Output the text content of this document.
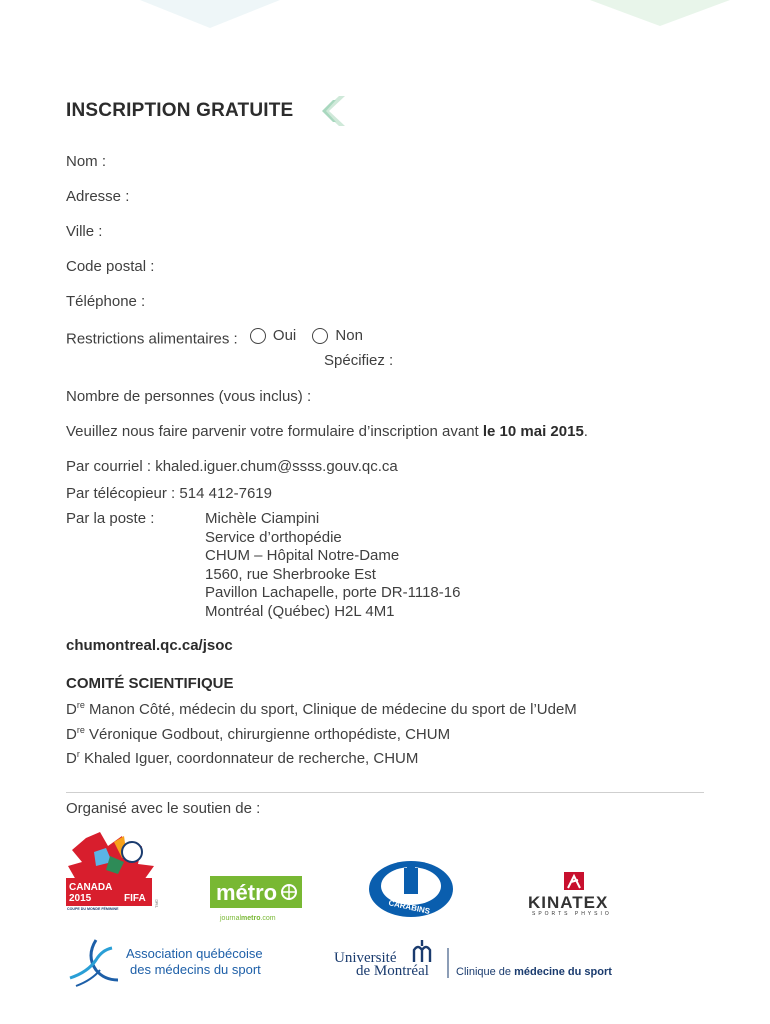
INSCRIPTION GRATUITE
Nom :
Adresse :
Ville :
Code postal :
Téléphone :
Restrictions alimentaires : Oui
	Non
Spécifiez :
Nombre de personnes (vous inclus) :
Veuillez nous faire parvenir votre formulaire d’inscription avant le 10 mai 2015.
Par courriel : khaled.iguer.chum@ssss.gouv.qc.ca
Par télécopieur : 514 412-7619
Par la poste :	Michèle Ciampini
Service d’orthopédie
CHUM – Hôpital Notre-Dame
1560, rue Sherbrooke Est
Pavillon Lachapelle, porte DR-1118-16
Montréal (Québec) H2L 4M1
chumontreal.qc.ca/jsoc
COMITÉ SCIENTIFIQUE
Dre Manon Côté, médecin du sport, Clinique de médecine du sport de l’UdeM
Dre Véronique Godbout, chirurgienne orthopédiste, CHUM
$D^r$ Khaled Iguer, coordonnateur de recherche, CHUM
Organisé avec le soutien de :
CANADA
2015	FIFA
COUPE DU MONDE FÉMININE
TM©	métro
journalmetro.com
CARABINS	KINATEX
SPORTS PHYSIO
Association québécoise
des médecins du sport
Université
de Montréal Clinique de médecine du sport
